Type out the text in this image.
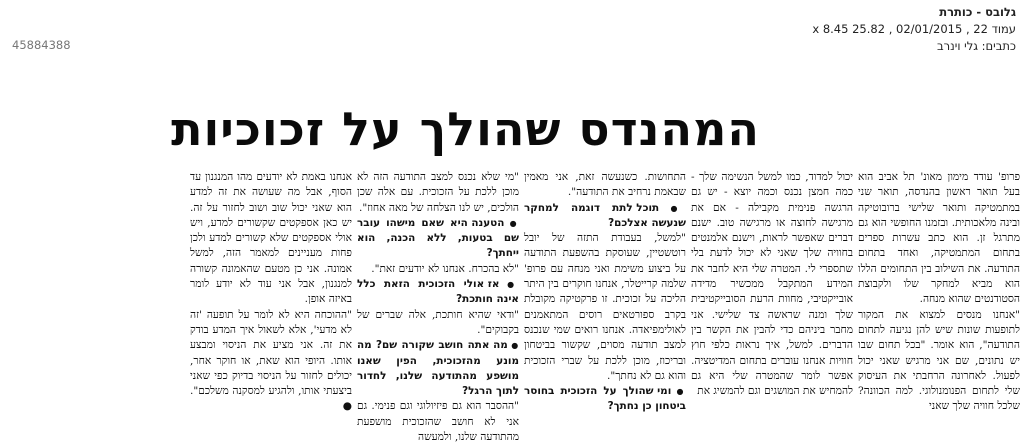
גלובס - כותרת
עמוד 22 , 02/01/2015 , 25.82 x 8.45
כתבים: גלי וינרב
45884388
המהנדס שהולך על זכוכיות

פרופ' עודד מימון מאונ' תל אביב הוא בעל תואר ראשון בהנדסה, תואר שני במתמטיקה ותואר שלישי ברובוטיקה ובינה מלאכותית. ובזמנו החופשי הוא גם מתרגל זן. הוא כתב עשרות ספרים בתחום המתמטיקה, ואחד בתחום התודעה. את השילוב בין התחומים הללו הוא מביא למחקר שלו ולקבוצת הסטודנטים שהוא מנחה.

"אנחנו מנסים למצוא את המקור לתופעות שונות שיש להן נגיעה לתחום התודעה", הוא אומר. "בכל תחום שבו יש נתונים, שם אני מרגיש שאני יכול לפעול. לאחרונה הרחבתי את העיסוק שלי לתחום הפנומנולוגי. למה הכוונה? שלכל חוויה שלך שאני

יכול למדוד, כמו למשל הנשימה שלך - כמה חמצן נכנס וכמה יוצא - יש גם הרגשה פנימית מקבילה - אם את מרגישה לחוצה או מרגישה טוב. ישנם דברים שאפשר לראות, וישנם אלמנטים בחוויה שלך שאני לא יכול לדעת בלי שתספרי לי. המטרה שלי היא לחבר את המידע המתקבל ממכשיר מדידה אובייקטיבי, מחוות הרעת הסובייקטיבית שלך ומנה שראשה צד שלישי. אני מחבר ביניהם כדי להבין את הקשר בין הדברים. למשל, איך נראות כלפי חוץ חוויות אנחנו עוברים בתחום המדיטציה. אפשר לומר שהמטרה שלי היא גם להמחיש את המושגים וגם להמשיג את

התחושות. כשנעשה זאת, אני מאמין שבאמת נרחיב את התודעה".

● תוכל לתת דוגמה למחקר שנעשה אצלכם?

"למשל, בעבודת התזה של יובל רוטשטיין, שעוסקת בהשפעת התודעה על ביצוע משימת ואני מנחה עם פרופ' שלמה קרייטלר, אנחנו חוקרים בין היתר הליכה על זכוכית. זו פרקטיקה מקובלת בקרב ספורטאים רוסים המתאמנים לאולימפיאדה. אנחנו רואים שמי שנכנס למצב תודעה מסוים, שקשור בביטחון ובריכוז, מוכן ללכת על שברי הזכוכית והוא גם לא נחתך".

● ומי שהולך על הזכוכית בחוסר ביטחון כן נחתך?

"מי שלא נכנס למצב התודעה הזה לא מוכן ללכת על הזכוכית. עם אלה שכן הולכים, יש לנו הצלחה של מאה אחוז".

● הטענה היא שאם מישהו עובר שם בטעות, ללא הכנה, הוא ייחתך?

"לא בהכרח. אנחנו לא יודעים זאת".

● אז אולי הזכוכית הזאת כלל אינה חותכת?

"ודאי שהיא חותכת, אלה שברים של בקבוקים".

● מה אתה חושב שקורה שם? מה מונע מהזכוכית, הפין שאנו מושפע מהתודעה שלנו, לחדור לתוך הרגל?

"ההסבר הוא גם פיזיולוגי וגם פנימי. גם אני לא חושב שהזכוכית מושפעת מהתודעה שלנו, ולמעשה

אנחנו באמת לא יודעים מהו המנגנון עד הסוף, אבל מה שעושה את זה למדע הוא שאני יכול שוב ושוב לחזור על זה. יש כאן אספקטים שקשורים למדע, ויש אולי אספקטים שלא קשורים למדע ולכן פחות מעניינים למאמר הזה, למשל אמונה. אני כן מטעם שהאמונה קשורה למנגנון, אבל אני עוד לא יודע לומר באיזה אופן.

"ההוכחה היא לא לומר על תופעה 'זה לא מדעי', אלא לשאול איך המדע בודק את זה. אני מציע את הניסוי ומבצע אותו. היופי הוא שאת, או חוקר אחר, יכולים לחזור על הניסוי בדיוק כפי שאני ביצעתי אותו, ולהגיע למסקנה משלכם". ●
